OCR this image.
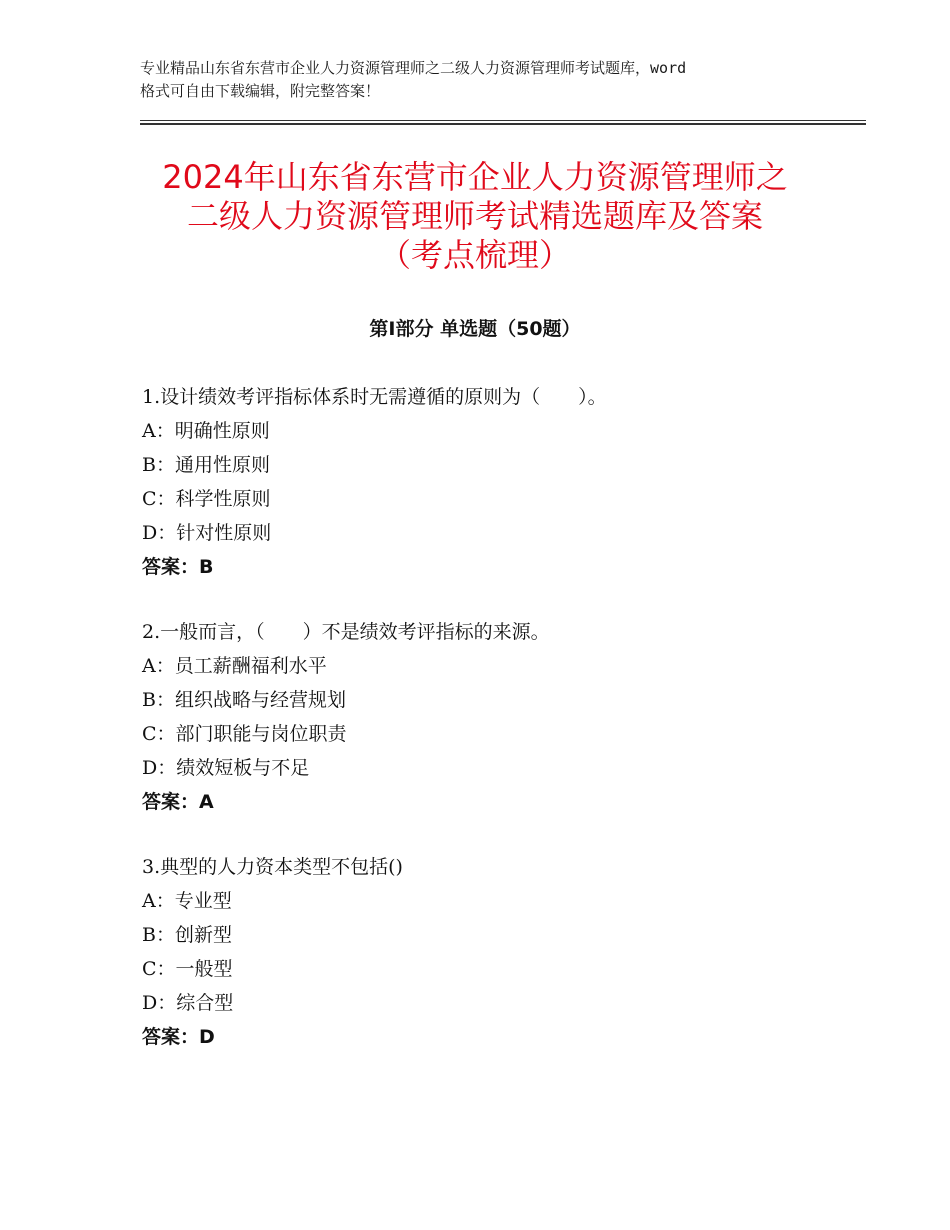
专业精品山东省东营市企业人力资源管理师之二级人力资源管理师考试题库，word
格式可自由下载编辑，附完整答案！
2024年山东省东营市企业人力资源管理师之
二级人力资源管理师考试精选题库及答案
（考点梳理）
第Ⅰ部分 单选题（50题）
1.设计绩效考评指标体系时无需遵循的原则为（　　）。
A：明确性原则
B：通用性原则
C：科学性原则
D：针对性原则
答案：B
2.一般而言，（　　）不是绩效考评指标的来源。
A：员工薪酬福利水平
B：组织战略与经营规划
C：部门职能与岗位职责
D：绩效短板与不足
答案：A
3.典型的人力资本类型不包括()
A：专业型
B：创新型
C：一般型
D：综合型
答案：D
